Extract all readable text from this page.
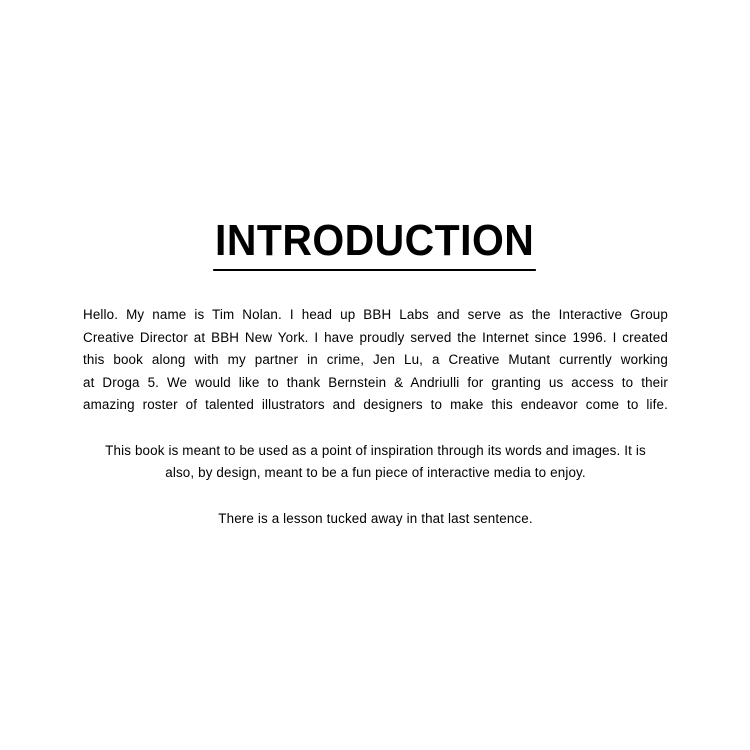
INTRODUCTION
Hello. My name is Tim Nolan. I head up BBH Labs and serve as the Interactive Group
Creative Director at BBH New York. I have proudly served the Internet since 1996. I created
this book along with my partner in crime, Jen Lu, a Creative Mutant currently working
at Droga 5. We would like to thank Bernstein & Andriulli for granting us access to their
amazing roster of talented illustrators and designers to make this endeavor come to life.
This book is meant to be used as a point of inspiration through its words and images. It is
also, by design, meant to be a fun piece of interactive media to enjoy.
There is a lesson tucked away in that last sentence.
